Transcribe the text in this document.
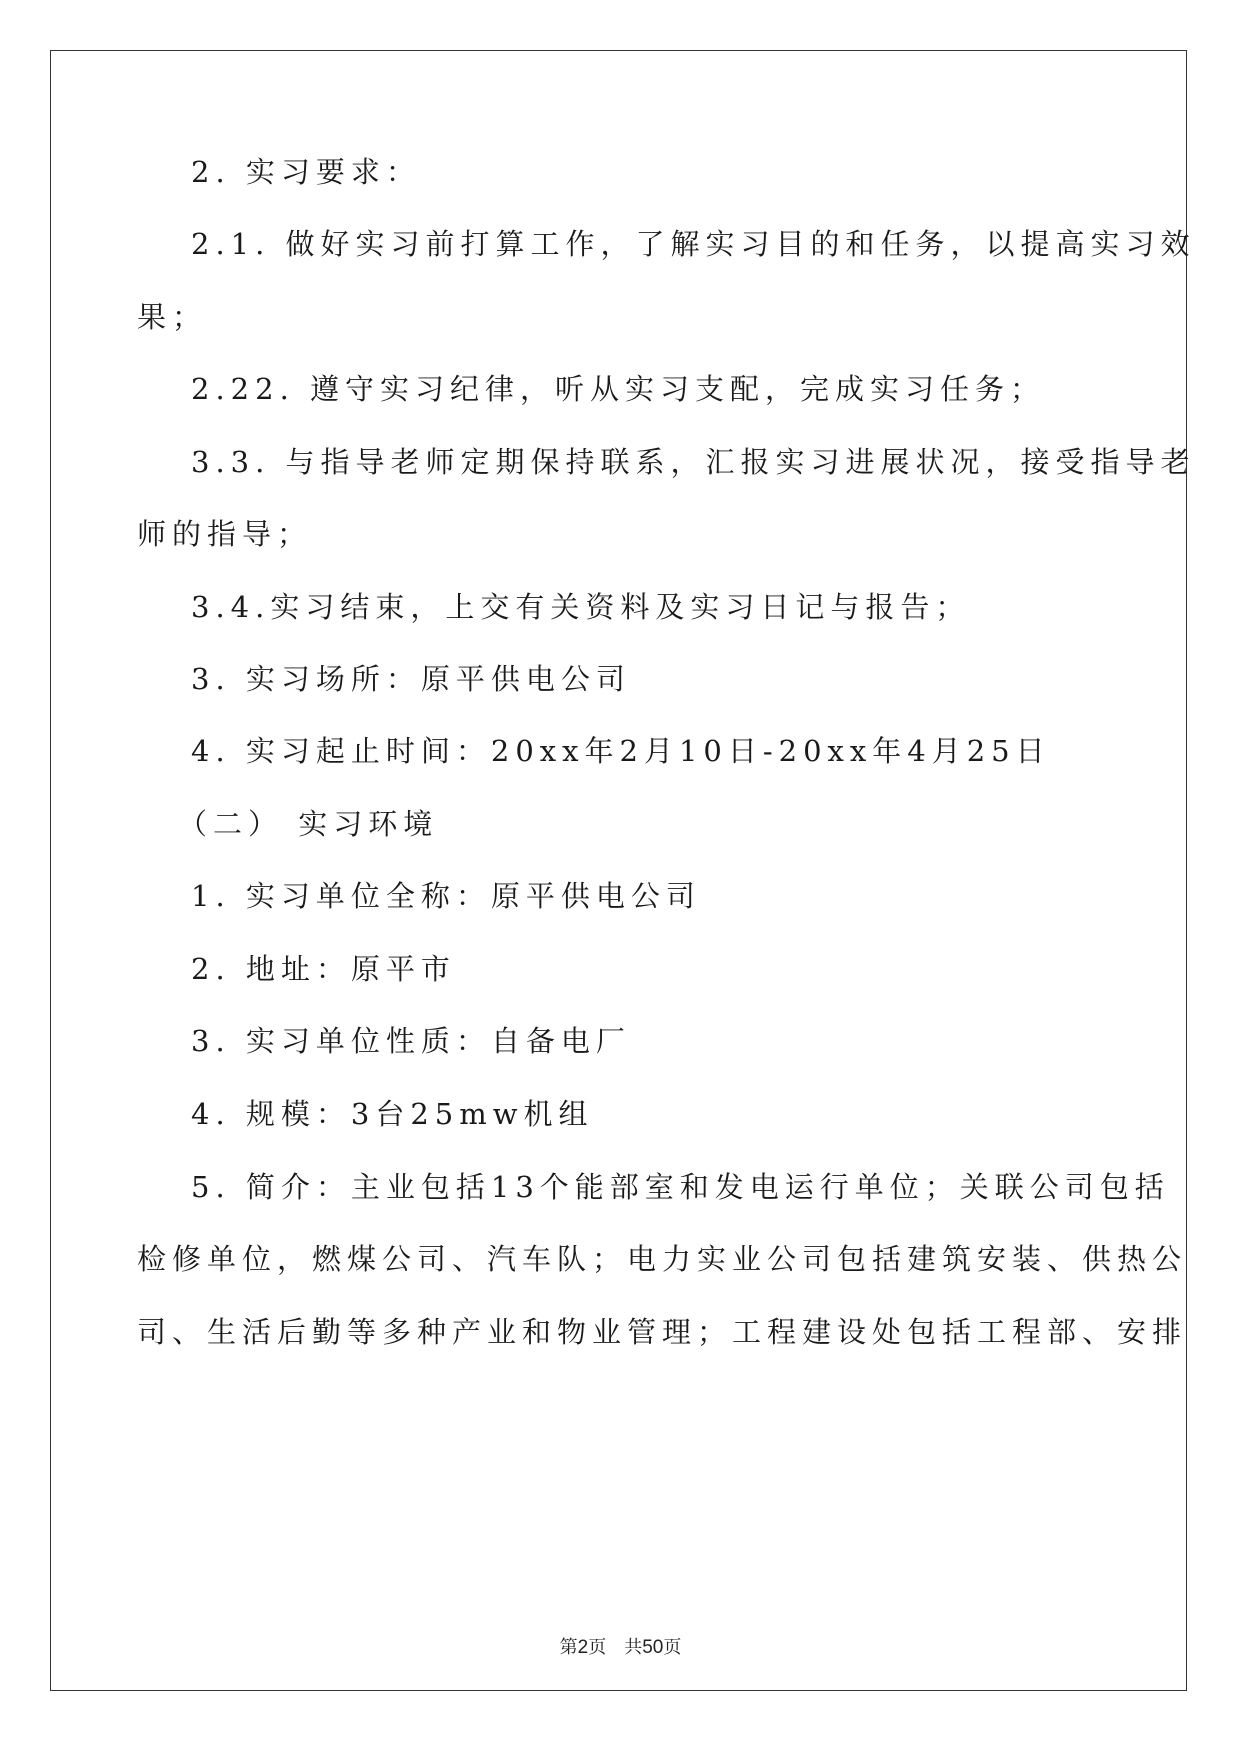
2. 实习要求：
2.1. 做好实习前打算工作，了解实习目的和任务，以提高实习效
果；
2.22. 遵守实习纪律，听从实习支配，完成实习任务；
3.3. 与指导老师定期保持联系，汇报实习进展状况，接受指导老
师的指导；
3.4.实习结束，上交有关资料及实习日记与报告；
3. 实习场所：原平供电公司
4. 实习起止时间：20xx年2月10日-20xx年4月25日
（二） 实习环境
1. 实习单位全称：原平供电公司
2. 地址：原平市
3. 实习单位性质：自备电厂
4. 规模：3台25mw机组
5. 简介：主业包括13个能部室和发电运行单位；关联公司包括
检修单位，燃煤公司、汽车队；电力实业公司包括建筑安装、供热公
司、生活后勤等多种产业和物业管理；工程建设处包括工程部、安排
第2页 共50页
